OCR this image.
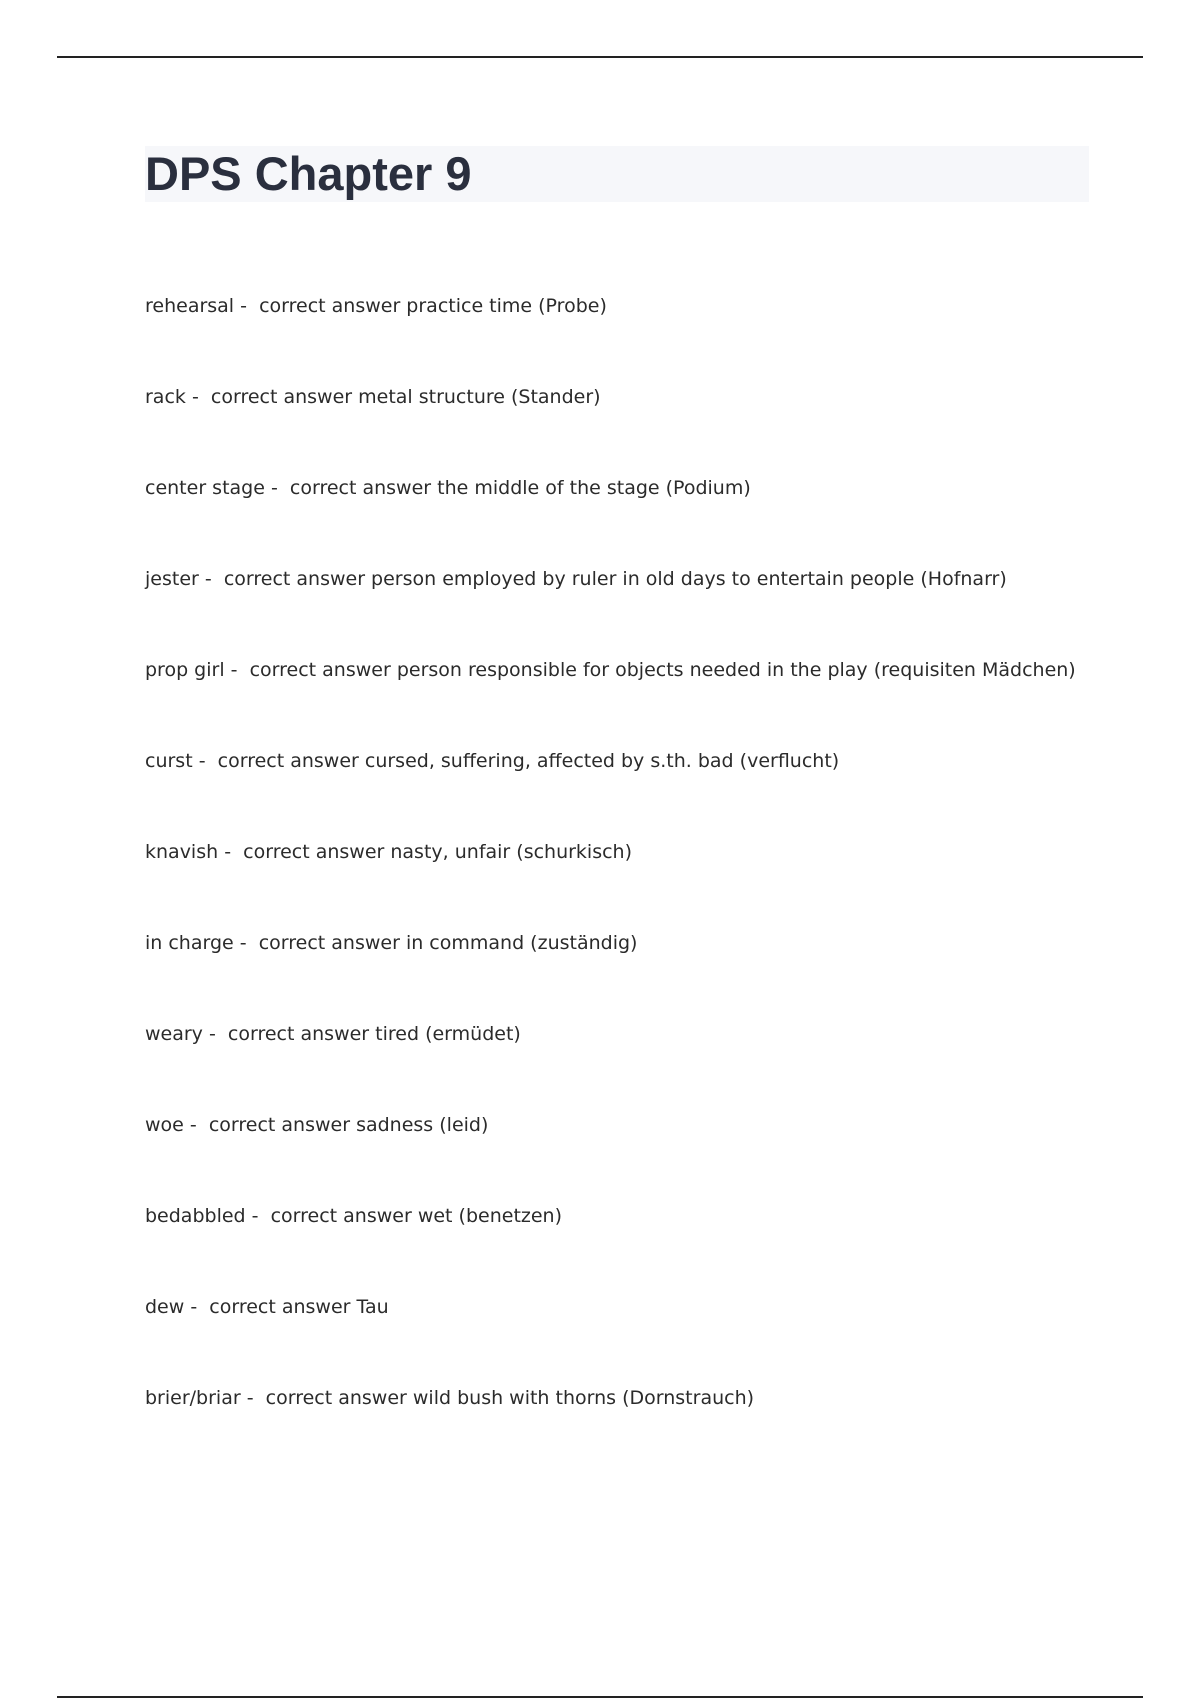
DPS Chapter 9
rehearsal -  correct answer practice time (Probe)
rack -  correct answer metal structure (Stander)
center stage -  correct answer the middle of the stage (Podium)
jester -  correct answer person employed by ruler in old days to entertain people (Hofnarr)
prop girl -  correct answer person responsible for objects needed in the play (requisiten Mädchen)
curst -  correct answer cursed, suffering, affected by s.th. bad (verflucht)
knavish -  correct answer nasty, unfair (schurkisch)
in charge -  correct answer in command (zuständig)
weary -  correct answer tired (ermüdet)
woe -  correct answer sadness (leid)
bedabbled -  correct answer wet (benetzen)
dew -  correct answer Tau
brier/briar -  correct answer wild bush with thorns (Dornstrauch)
